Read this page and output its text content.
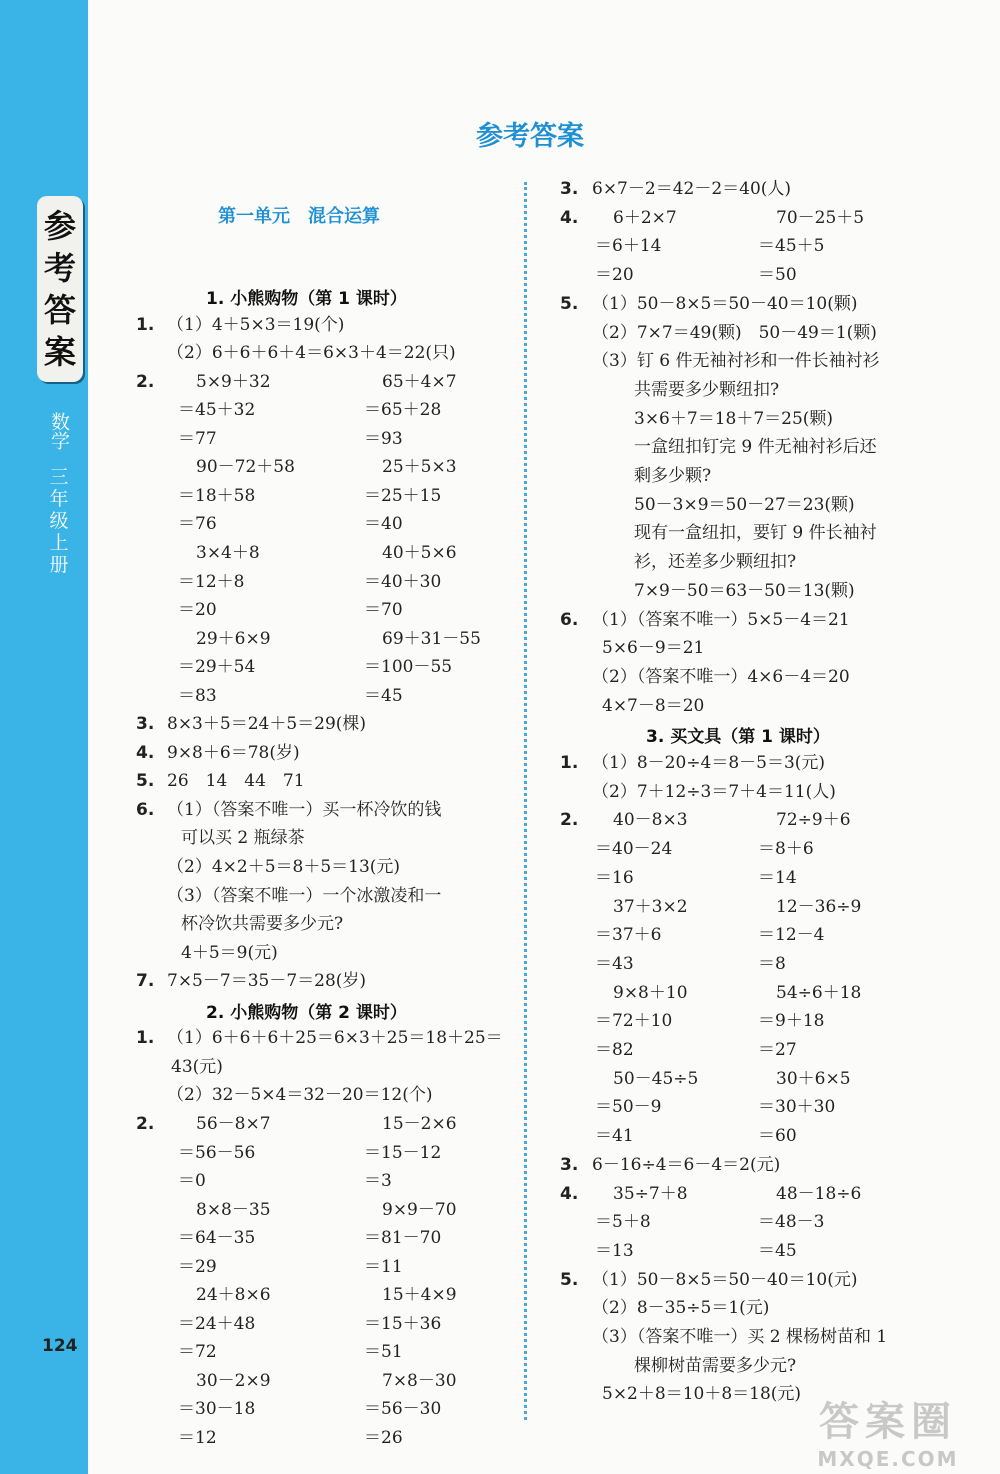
参
考
答
案
数学
三
年
级
上
册
124
参考答案
第一单元　混合运算
1. 小熊购物（第 1 课时）
1. （1）4＋5×3＝19(个)
（2）6＋6＋6＋4＝6×3＋4＝22(只)
2. 5×9＋32	65＋4×7
＝45＋32	＝65＋28
＝77	＝93
90－72＋58	25＋5×3
＝18＋58	＝25＋15
＝76	＝40
3×4＋8	40＋5×6
＝12＋8	＝40＋30
＝20	＝70
29＋6×9	69＋31－55
＝29＋54	＝100－55
＝83	＝45
3. 8×3＋5＝24＋5＝29(棵)
4. 9×8＋6＝78(岁)
5. 26　14　44　71
6. （1）（答案不唯一）买一杯冷饮的钱
可以买 2 瓶绿茶
（2）4×2＋5＝8＋5＝13(元)
（3）（答案不唯一）一个冰激凌和一
杯冷饮共需要多少元?
4＋5＝9(元)
7. 7×5－7＝35－7＝28(岁)
2. 小熊购物（第 2 课时）
1. （1）6＋6＋6＋25＝6×3＋25＝18＋25＝
43(元)
（2）32－5×4＝32－20＝12(个)
2. 56－8×7	15－2×6
＝56－56	＝15－12
＝0	＝3
8×8－35	9×9－70
＝64－35	＝81－70
＝29	＝11
24＋8×6	15＋4×9
＝24＋48	＝15＋36
＝72	＝51
30－2×9	7×8－30
＝30－18	＝56－30
＝12	＝26
3. 6×7－2＝42－2＝40(人)
4. 6＋2×7	70－25＋5
＝6＋14	＝45＋5
＝20	＝50
5. （1）50－8×5＝50－40＝10(颗)
（2）7×7＝49(颗)　50－49＝1(颗)
（3）钉 6 件无袖衬衫和一件长袖衬衫
共需要多少颗纽扣?
3×6＋7＝18＋7＝25(颗)
一盒纽扣钉完 9 件无袖衬衫后还
剩多少颗?
50－3×9＝50－27＝23(颗)
现有一盒纽扣，要钉 9 件长袖衬
衫，还差多少颗纽扣?
7×9－50＝63－50＝13(颗)
6. （1）（答案不唯一）5×5－4＝21
5×6－9＝21
（2）（答案不唯一）4×6－4＝20
4×7－8＝20
3. 买文具（第 1 课时）
1. （1）8－20÷4＝8－5＝3(元)
（2）7＋12÷3＝7＋4＝11(人)
2. 40－8×3	72÷9＋6
＝40－24	＝8＋6
＝16	＝14
37＋3×2	12－36÷9
＝37＋6	＝12－4
＝43	＝8
9×8＋10	54÷6＋18
＝72＋10	＝9＋18
＝82	＝27
50－45÷5	30＋6×5
＝50－9	＝30＋30
＝41	＝60
3. 6－16÷4＝6－4＝2(元)
4. 35÷7＋8	48－18÷6
＝5＋8	＝48－3
＝13	＝45
5. （1）50－8×5＝50－40＝10(元)
（2）8－35÷5＝1(元)
（3）（答案不唯一）买 2 棵杨树苗和 1
棵柳树苗需要多少元?
5×2＋8＝10＋8＝18(元)
答案圈
MXQE.COM
